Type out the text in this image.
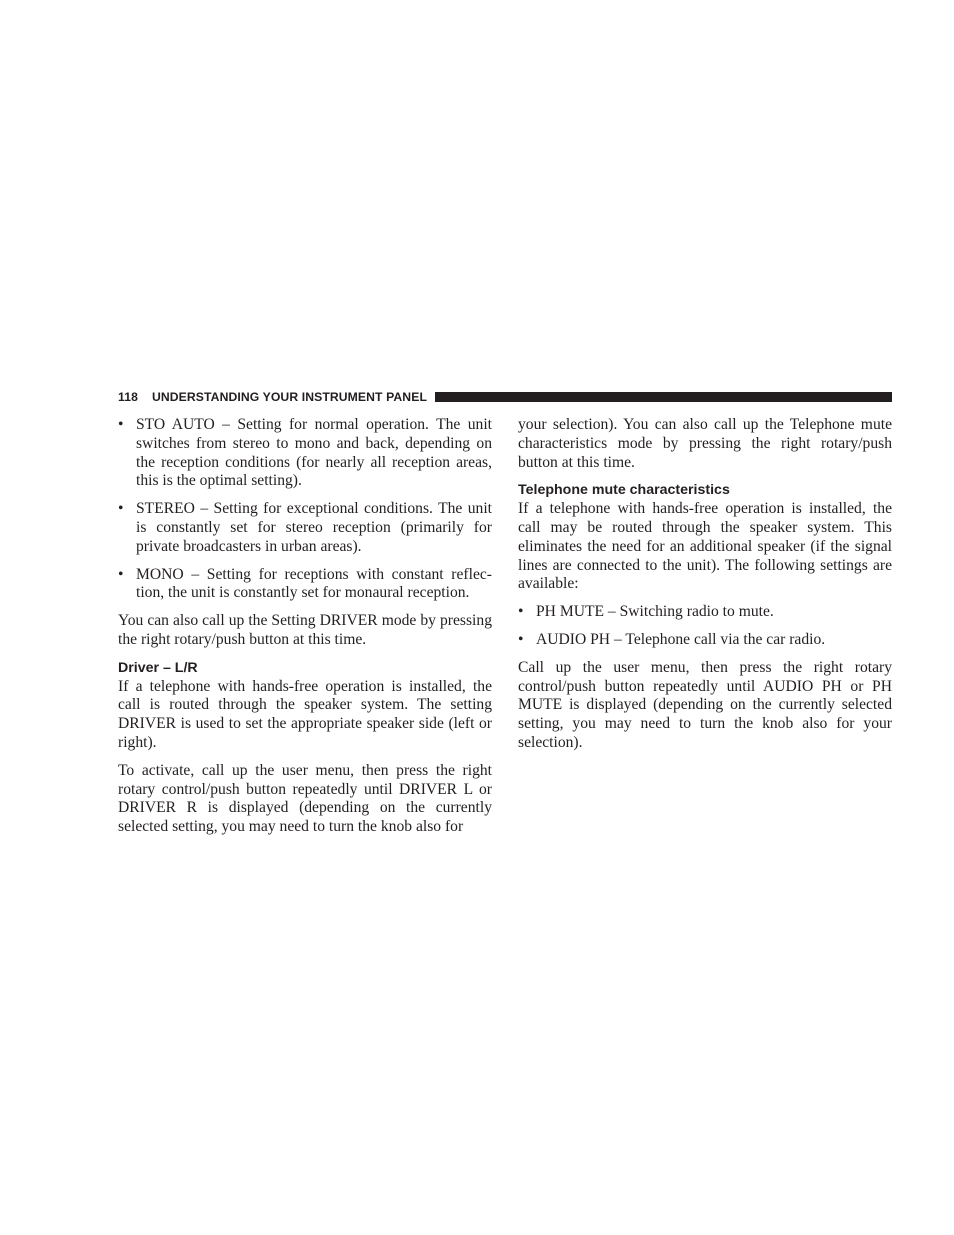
118 UNDERSTANDING YOUR INSTRUMENT PANEL
• STO AUTO – Setting for normal operation. The unit switches from stereo to mono and back, depending on the reception conditions (for nearly all reception areas, this is the optimal setting).
• STEREO – Setting for exceptional conditions. The unit is constantly set for stereo reception (primarily for private broadcasters in urban areas).
• MONO – Setting for receptions with constant reflec-tion, the unit is constantly set for monaural reception.

You can also call up the Setting DRIVER mode by pressing the right rotary/push button at this time.

Driver – L/R

If a telephone with hands-free operation is installed, the call is routed through the speaker system. The setting DRIVER is used to set the appropriate speaker side (left or right).

To activate, call up the user menu, then press the right rotary control/push button repeatedly until DRIVER L or DRIVER R is displayed (depending on the currently selected setting, you may need to turn the knob also for

your selection). You can also call up the Telephone mute characteristics mode by pressing the right rotary/push button at this time.

Telephone mute characteristics

If a telephone with hands-free operation is installed, the call may be routed through the speaker system. This eliminates the need for an additional speaker (if the signal lines are connected to the unit). The following settings are available:

• PH MUTE – Switching radio to mute.
• AUDIO PH – Telephone call via the car radio.

Call up the user menu, then press the right rotary control/push button repeatedly until AUDIO PH or PH MUTE is displayed (depending on the currently selected setting, you may need to turn the knob also for your selection).
